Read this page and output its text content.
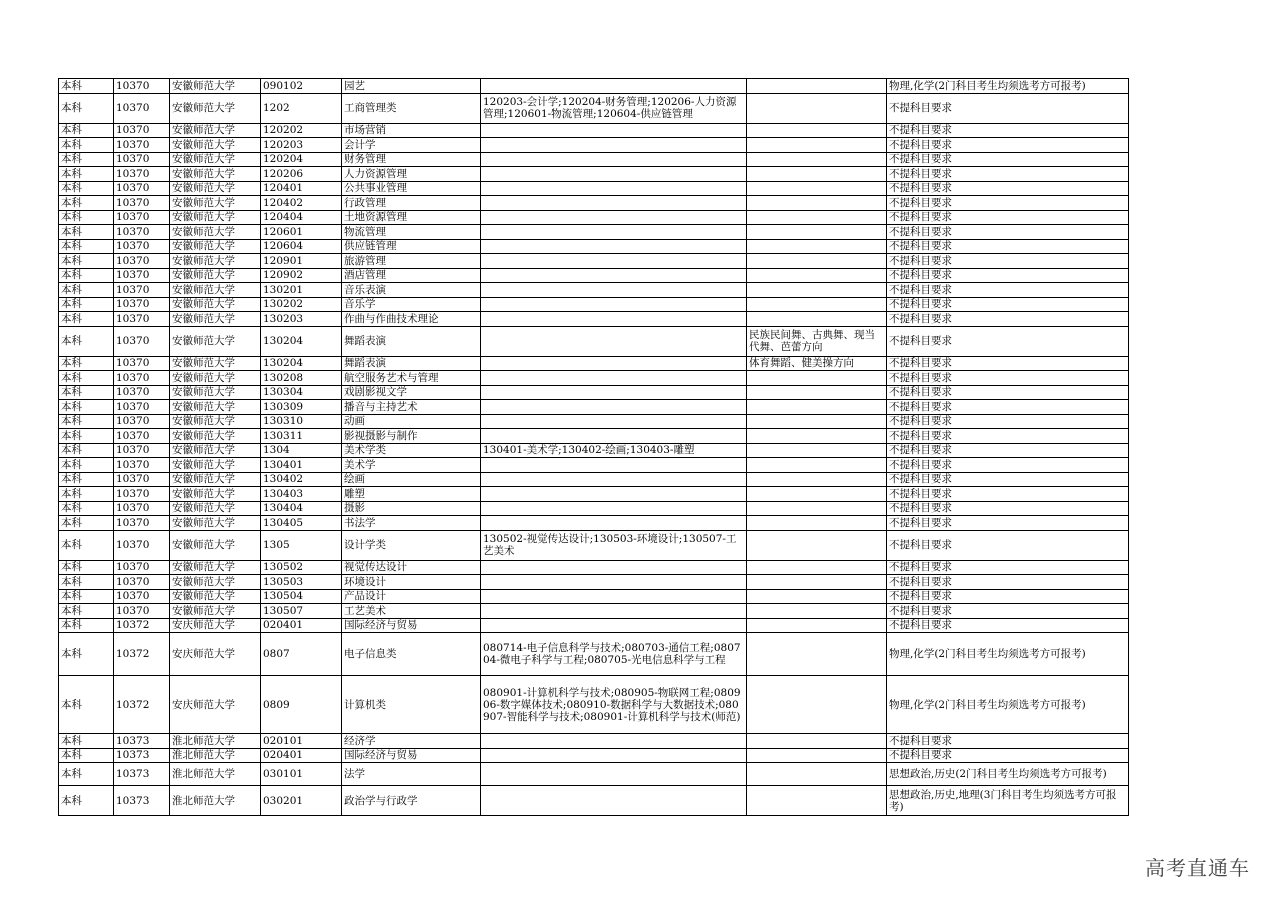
本科	10370	安徽师范大学	090102	园艺			物理,化学(2门科目考生均须选考方可报考)

本科	10370	安徽师范大学	1202	工商管理类	120203-会计学;120204-财务管理;120206-人力资源管理;120601-物流管理;120604-供应链管理		不提科目要求

本科	10370	安徽师范大学	120202	市场营销			不提科目要求

本科	10370	安徽师范大学	120203	会计学			不提科目要求

本科	10370	安徽师范大学	120204	财务管理			不提科目要求

本科	10370	安徽师范大学	120206	人力资源管理			不提科目要求

本科	10370	安徽师范大学	120401	公共事业管理			不提科目要求

本科	10370	安徽师范大学	120402	行政管理			不提科目要求

本科	10370	安徽师范大学	120404	土地资源管理			不提科目要求

本科	10370	安徽师范大学	120601	物流管理			不提科目要求

本科	10370	安徽师范大学	120604	供应链管理			不提科目要求

本科	10370	安徽师范大学	120901	旅游管理			不提科目要求

本科	10370	安徽师范大学	120902	酒店管理			不提科目要求

本科	10370	安徽师范大学	130201	音乐表演			不提科目要求

本科	10370	安徽师范大学	130202	音乐学			不提科目要求

本科	10370	安徽师范大学	130203	作曲与作曲技术理论			不提科目要求

本科	10370	安徽师范大学	130204	舞蹈表演		民族民间舞、古典舞、现当代舞、芭蕾方向	不提科目要求

本科	10370	安徽师范大学	130204	舞蹈表演		体育舞蹈、健美操方向	不提科目要求

本科	10370	安徽师范大学	130208	航空服务艺术与管理			不提科目要求

本科	10370	安徽师范大学	130304	戏剧影视文学			不提科目要求

本科	10370	安徽师范大学	130309	播音与主持艺术			不提科目要求

本科	10370	安徽师范大学	130310	动画			不提科目要求

本科	10370	安徽师范大学	130311	影视摄影与制作			不提科目要求

本科	10370	安徽师范大学	1304	美术学类	130401-美术学;130402-绘画;130403-雕塑		不提科目要求

本科	10370	安徽师范大学	130401	美术学			不提科目要求

本科	10370	安徽师范大学	130402	绘画			不提科目要求

本科	10370	安徽师范大学	130403	雕塑			不提科目要求

本科	10370	安徽师范大学	130404	摄影			不提科目要求

本科	10370	安徽师范大学	130405	书法学			不提科目要求

本科	10370	安徽师范大学	1305	设计学类	130502-视觉传达设计;130503-环境设计;130507-工艺美术		不提科目要求

本科	10370	安徽师范大学	130502	视觉传达设计			不提科目要求

本科	10370	安徽师范大学	130503	环境设计			不提科目要求

本科	10370	安徽师范大学	130504	产品设计			不提科目要求

本科	10370	安徽师范大学	130507	工艺美术			不提科目要求

本科	10372	安庆师范大学	020401	国际经济与贸易			不提科目要求

本科	10372	安庆师范大学	0807	电子信息类	080714-电子信息科学与技术;080703-通信工程;080704-微电子科学与工程;080705-光电信息科学与工程		物理,化学(2门科目考生均须选考方可报考)

本科	10372	安庆师范大学	0809	计算机类	080901-计算机科学与技术;080905-物联网工程;080906-数字媒体技术;080910-数据科学与大数据技术;080907-智能科学与技术;080901-计算机科学与技术(师范)		物理,化学(2门科目考生均须选考方可报考)

本科	10373	淮北师范大学	020101	经济学			不提科目要求

本科	10373	淮北师范大学	020401	国际经济与贸易			不提科目要求

本科	10373	淮北师范大学	030101	法学			思想政治,历史(2门科目考生均须选考方可报考)

本科	10373	淮北师范大学	030201	政治学与行政学			思想政治,历史,地理(3门科目考生均须选考方可报考)
高考直通车
